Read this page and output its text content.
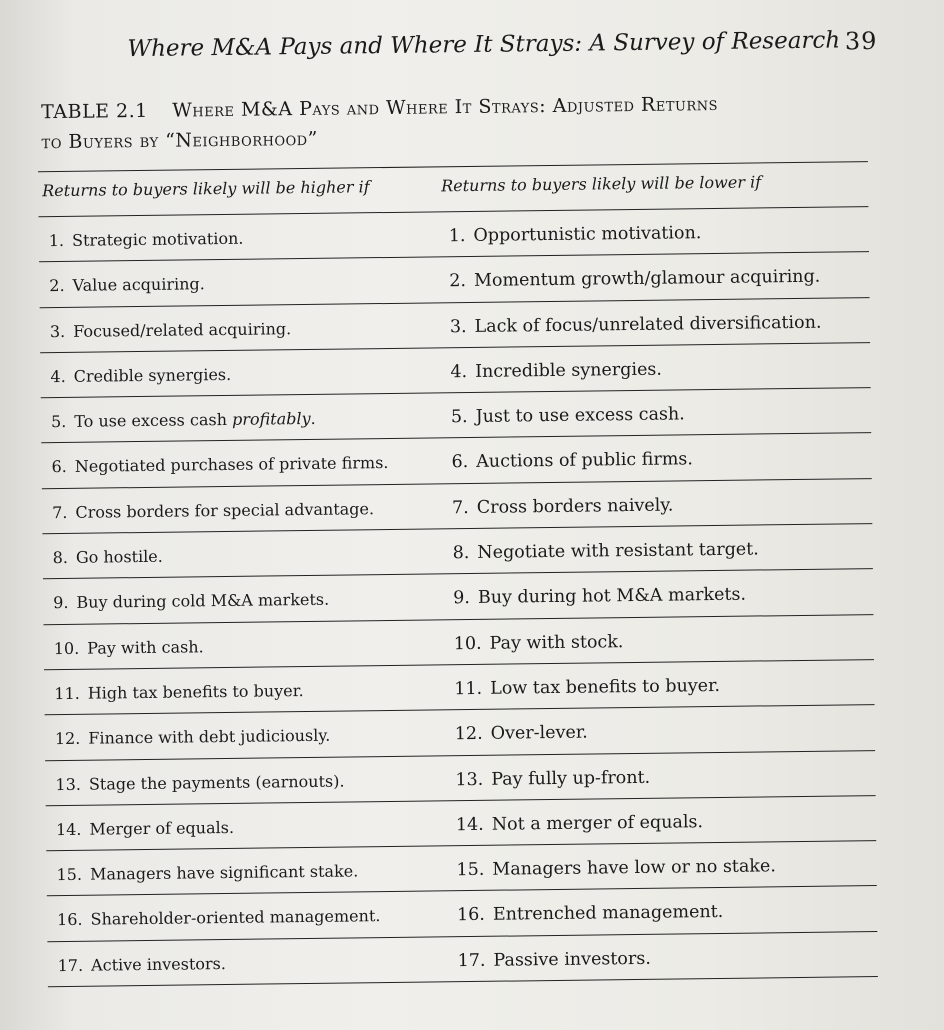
Where M&A Pays and Where It Strays: A Survey of Research 39
TABLE 2.1 Where M&A Pays and Where It Strays: Adjusted Returns
to Buyers by “Neighborhood”
Returns to buyers likely will be higher if	Returns to buyers likely will be lower if
1. Strategic motivation.	1. Opportunistic motivation.
2. Value acquiring.	2. Momentum growth/glamour acquiring.
3. Focused/related acquiring.	3. Lack of focus/unrelated diversification.
4. Credible synergies.	4. Incredible synergies.
5. To use excess cash profitably.	5. Just to use excess cash.
6. Negotiated purchases of private firms.	6. Auctions of public firms.
7. Cross borders for special advantage.	7. Cross borders naively.
8. Go hostile.	8. Negotiate with resistant target.
9. Buy during cold M&A markets.	9. Buy during hot M&A markets.
10. Pay with cash.	10. Pay with stock.
11. High tax benefits to buyer.	11. Low tax benefits to buyer.
12. Finance with debt judiciously.	12. Over-lever.
13. Stage the payments (earnouts).	13. Pay fully up-front.
14. Merger of equals.	14. Not a merger of equals.
15. Managers have significant stake.	15. Managers have low or no stake.
16. Shareholder-oriented management.	16. Entrenched management.
17. Active investors.	17. Passive investors.
